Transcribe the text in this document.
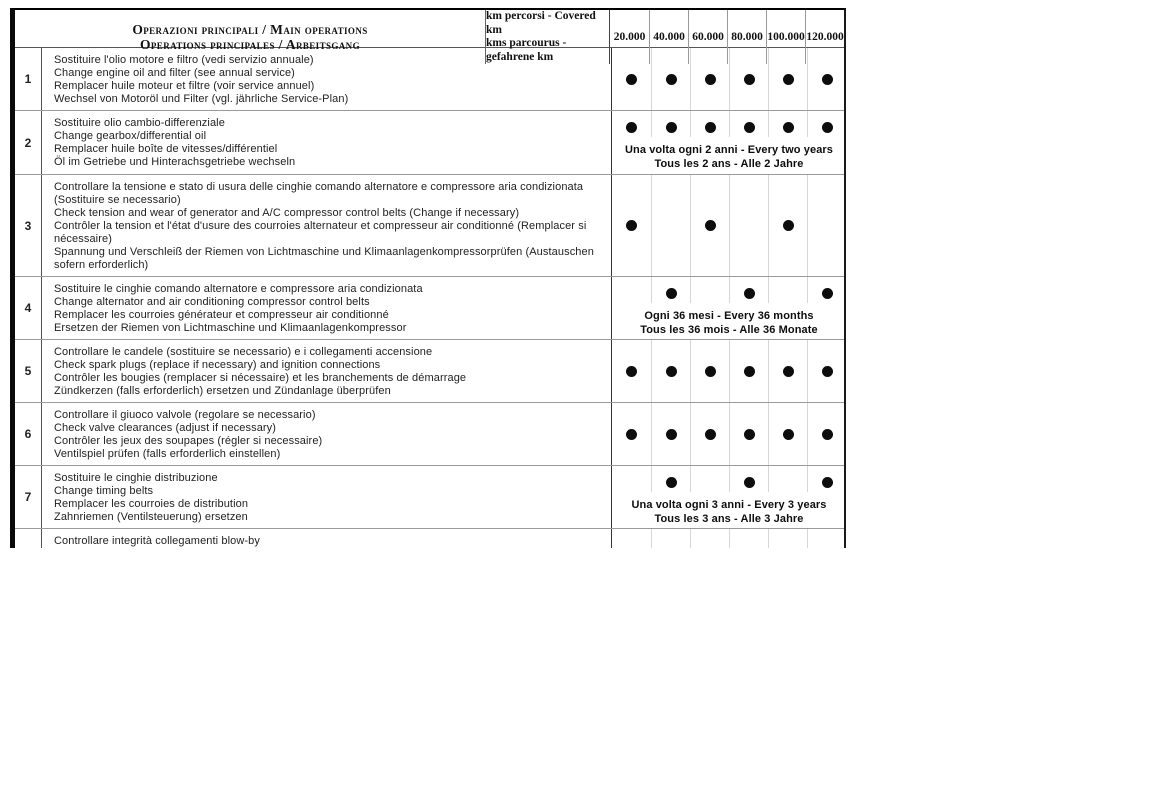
Operazioni principali / Main operations
Operations principales / Arbeitsgang
km percorsi - Covered km
kms parcourus - gefahrene km
20.000 40.000 60.000 80.000 100.000 120.000
1
Sostituire l'olio motore e filtro (vedi servizio annuale)
Change engine oil and filter (see annual service)
Remplacer huile moteur et filtre (voir service annuel)
Wechsel von Motoröl und Filter (vgl. jährliche Service-Plan)
2
Sostituire olio cambio-differenziale
Change gearbox/differential oil
Remplacer huile boîte de vitesses/différentiel
Öl im Getriebe und Hinterachsgetriebe wechseln
Una volta ogni 2 anni - Every two years
Tous les 2 ans - Alle 2 Jahre
3
Controllare la tensione e stato di usura delle cinghie comando alternatore e compressore aria condizionata
(Sostituire se necessario)
Check tension and wear of generator and A/C compressor control belts (Change if necessary)
Contrôler la tension et l'état d'usure des courroies alternateur et compresseur air conditionné (Remplacer si
nécessaire)
Spannung und Verschleiß der Riemen von Lichtmaschine und Klimaanlagenkompressorprüfen (Austauschen
sofern erforderlich)
4
Sostituire le cinghie comando alternatore e compressore aria condizionata
Change alternator and air conditioning compressor control belts
Remplacer les courroies générateur et compresseur air conditionné
Ersetzen der Riemen von Lichtmaschine und Klimaanlagenkompressor
Ogni 36 mesi - Every 36 months
Tous les 36 mois - Alle 36 Monate
5
Controllare le candele (sostituire se necessario) e i collegamenti accensione
Check spark plugs (replace if necessary) and ignition connections
Contrôler les bougies (remplacer si nécessaire) et les branchements de démarrage
Zündkerzen (falls erforderlich) ersetzen und Zündanlage überprüfen
6
Controllare il giuoco valvole (regolare se necessario)
Check valve clearances (adjust if necessary)
Contrôler les jeux des soupapes (régler si necessaire)
Ventilspiel prüfen (falls erforderlich einstellen)
7
Sostituire le cinghie distribuzione
Change timing belts
Remplacer les courroies de distribution
Zahnriemen (Ventilsteuerung) ersetzen
Una volta ogni 3 anni - Every 3 years
Tous les 3 ans - Alle 3 Jahre
Controllare integrità collegamenti blow-by
